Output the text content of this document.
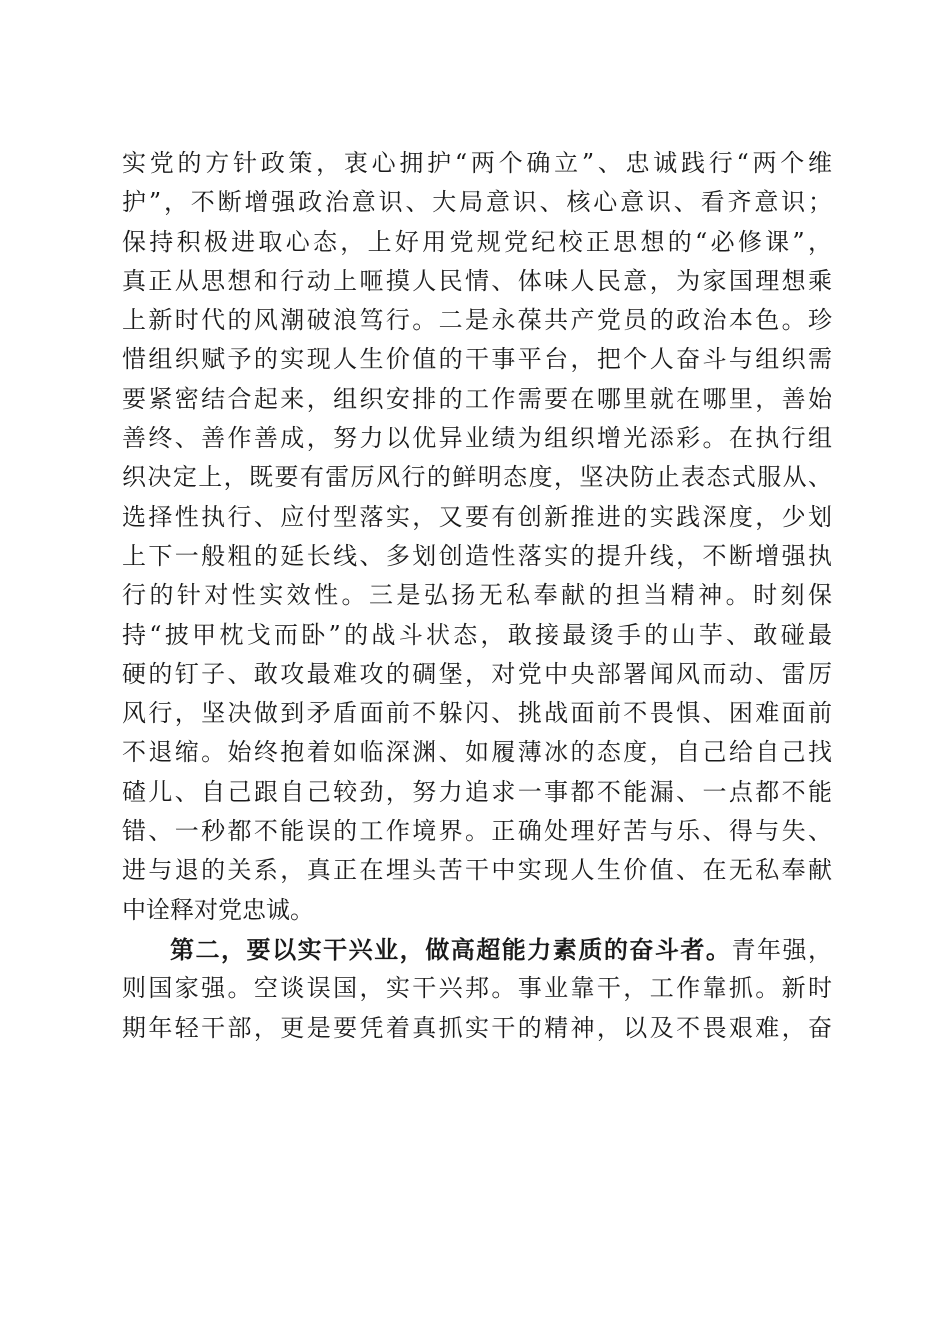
实党的方针政策，衷心拥护“两个确立”、忠诚践行“两个维
护”，不断增强政治意识、大局意识、核心意识、看齐意识；
保持积极进取心态，上好用党规党纪校正思想的“必修课”，
真正从思想和行动上咂摸人民情、体味人民意，为家国理想乘
上新时代的风潮破浪笃行。二是永葆共产党员的政治本色。珍
惜组织赋予的实现人生价值的干事平台，把个人奋斗与组织需
要紧密结合起来，组织安排的工作需要在哪里就在哪里，善始
善终、善作善成，努力以优异业绩为组织增光添彩。在执行组
织决定上，既要有雷厉风行的鲜明态度，坚决防止表态式服从、
选择性执行、应付型落实，又要有创新推进的实践深度，少划
上下一般粗的延长线、多划创造性落实的提升线，不断增强执
行的针对性实效性。三是弘扬无私奉献的担当精神。时刻保
持“披甲枕戈而卧”的战斗状态，敢接最烫手的山芋、敢碰最
硬的钉子、敢攻最难攻的碉堡，对党中央部署闻风而动、雷厉
风行，坚决做到矛盾面前不躲闪、挑战面前不畏惧、困难面前
不退缩。始终抱着如临深渊、如履薄冰的态度，自己给自己找
碴儿、自己跟自己较劲，努力追求一事都不能漏、一点都不能
错、一秒都不能误的工作境界。正确处理好苦与乐、得与失、
进与退的关系，真正在埋头苦干中实现人生价值、在无私奉献
中诠释对党忠诚。
第二，要以实干兴业，做高超能力素质的奋斗者。青年强，
则国家强。空谈误国，实干兴邦。事业靠干，工作靠抓。新时
期年轻干部，更是要凭着真抓实干的精神，以及不畏艰难，奋
